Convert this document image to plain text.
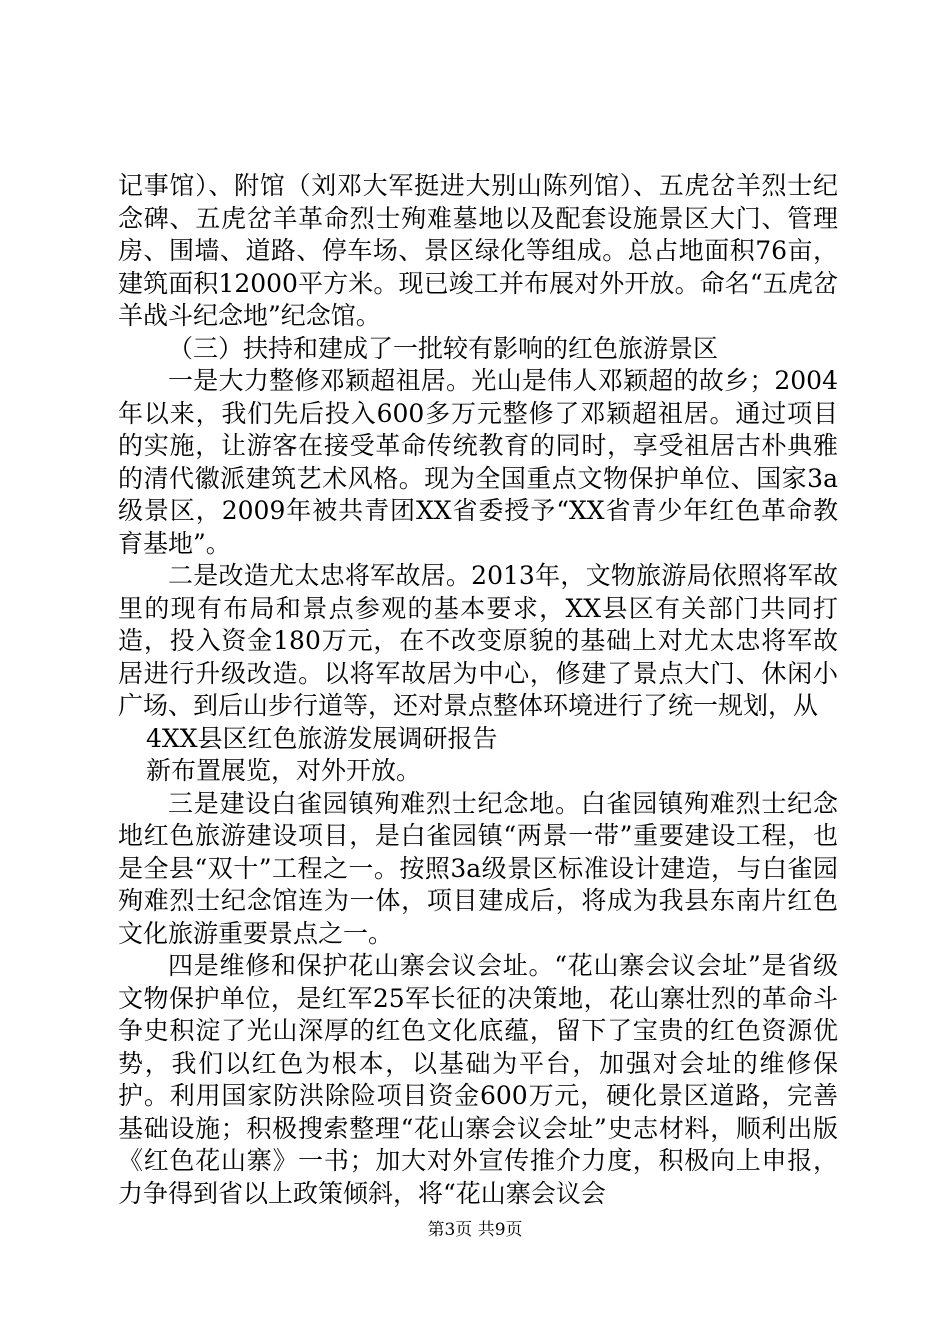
记事馆）、附馆（刘邓大军挺进大别山陈列馆）、五虎岔羊烈士纪念碑、五虎岔羊革命烈士殉难墓地以及配套设施景区大门、管理房、围墙、道路、停车场、景区绿化等组成。总占地面积76亩，建筑面积12000平方米。现已竣工并布展对外开放。命名“五虎岔羊战斗纪念地”纪念馆。

（三）扶持和建成了一批较有影响的红色旅游景区

一是大力整修邓颖超祖居。光山是伟人邓颖超的故乡；2004年以来，我们先后投入600多万元整修了邓颖超祖居。通过项目的实施，让游客在接受革命传统教育的同时，享受祖居古朴典雅的清代徽派建筑艺术风格。现为全国重点文物保护单位、国家3a级景区，2009年被共青团XX省委授予“XX省青少年红色革命教育基地”。

二是改造尤太忠将军故居。2013年，文物旅游局依照将军故里的现有布局和景点参观的基本要求，XX县区有关部门共同打造，投入资金180万元，在不改变原貌的基础上对尤太忠将军故居进行升级改造。以将军故居为中心，修建了景点大门、休闲小广场、到后山步行道等，还对景点整体环境进行了统一规划，从

4XX县区红色旅游发展调研报告

新布置展览，对外开放。

三是建设白雀园镇殉难烈士纪念地。白雀园镇殉难烈士纪念地红色旅游建设项目，是白雀园镇“两景一带”重要建设工程，也是全县“双十”工程之一。按照3a级景区标准设计建造，与白雀园殉难烈士纪念馆连为一体，项目建成后，将成为我县东南片红色文化旅游重要景点之一。

四是维修和保护花山寨会议会址。“花山寨会议会址”是省级文物保护单位，是红军25军长征的决策地，花山寨壮烈的革命斗争史积淀了光山深厚的红色文化底蕴，留下了宝贵的红色资源优势，我们以红色为根本，以基础为平台，加强对会址的维修保护。利用国家防洪除险项目资金600万元，硬化景区道路，完善基础设施；积极搜索整理“花山寨会议会址”史志材料，顺利出版《红色花山寨》一书；加大对外宣传推介力度，积极向上申报，力争得到省以上政策倾斜，将“花山寨会议会

第3页 共9页
